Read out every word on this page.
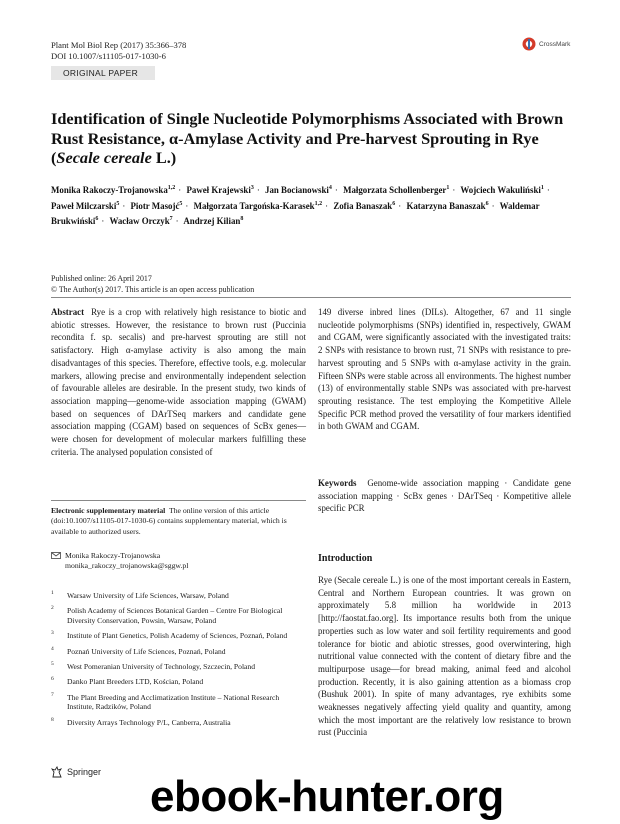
Plant Mol Biol Rep (2017) 35:366–378
DOI 10.1007/s11105-017-1030-6
CrossMark
ORIGINAL PAPER
Identification of Single Nucleotide Polymorphisms Associated with Brown Rust Resistance, α-Amylase Activity and Pre-harvest Sprouting in Rye (Secale cereale L.)
Monika Rakoczy-Trojanowska$^{1,2}$ · Paweł Krajewski$^3$ · Jan Bocianowski$^4$ · Małgorzata Schollenberger$^1$ · Wojciech Wakuliński$^1$ · Paweł Milczarski$^5$ · Piotr Masojć$^5$ · Małgorzata Targońska-Karasek$^{1,2}$ · Zofia Banaszak$^6$ · Katarzyna Banaszak$^6$ · Waldemar Brukwiński$^6$ · Wacław Orczyk$^7$ · Andrzej Kilian$^8$
Published online: 26 April 2017
© The Author(s) 2017. This article is an open access publication
Abstract Rye is a crop with relatively high resistance to biotic and abiotic stresses. However, the resistance to brown rust (Puccinia recondita f. sp. secalis) and pre-harvest sprouting are still not satisfactory. High α-amylase activity is also among the main disadvantages of this species. Therefore, effective tools, e.g. molecular markers, allowing precise and environmentally independent selection of favourable alleles are desirable. In the present study, two kinds of association mapping—genome-wide association mapping (GWAM) based on sequences of DArTSeq markers and candidate gene association mapping (CGAM) based on sequences of ScBx genes—were chosen for development of molecular markers fulfilling these criteria. The analysed population consisted of
149 diverse inbred lines (DILs). Altogether, 67 and 11 single nucleotide polymorphisms (SNPs) identified in, respectively, GWAM and CGAM, were significantly associated with the investigated traits: 2 SNPs with resistance to brown rust, 71 SNPs with resistance to pre-harvest sprouting and 5 SNPs with α-amylase activity in the grain. Fifteen SNPs were stable across all environments. The highest number (13) of environmentally stable SNPs was associated with pre-harvest sprouting resistance. The test employing the Kompetitive Allele Specific PCR method proved the versatility of four markers identified in both GWAM and CGAM.
Keywords Genome-wide association mapping · Candidate gene association mapping · ScBx genes · DArTSeq · Kompetitive allele specific PCR
Electronic supplementary material The online version of this article (doi:10.1007/s11105-017-1030-6) contains supplementary material, which is available to authorized users.
Monika Rakoczy-Trojanowska
monika_rakoczy_trojanowska@sggw.pl
1 Warsaw University of Life Sciences, Warsaw, Poland
2 Polish Academy of Sciences Botanical Garden – Centre For Biological Diversity Conservation, Powsin, Warsaw, Poland
3 Institute of Plant Genetics, Polish Academy of Sciences, Poznań, Poland
4 Poznań University of Life Sciences, Poznań, Poland
5 West Pomeranian University of Technology, Szczecin, Poland
6 Danko Plant Breeders LTD, Kościan, Poland
7 The Plant Breeding and Acclimatization Institute – National Research Institute, Radzików, Poland
8 Diversity Arrays Technology P/L, Canberra, Australia
Introduction
Rye (Secale cereale L.) is one of the most important cereals in Eastern, Central and Northern European countries. It was grown on approximately 5.8 million ha worldwide in 2013 [http://faostat.fao.org]. Its importance results both from the unique properties such as low water and soil fertility requirements and good tolerance for biotic and abiotic stresses, good overwintering, high nutritional value connected with the content of dietary fibre and the multipurpose usage—for bread making, animal feed and alcohol production. Recently, it is also gaining attention as a biomass crop (Bushuk 2001). In spite of many advantages, rye exhibits some weaknesses negatively affecting yield quality and quantity, among which the most important are the relatively low resistance to brown rust (Puccinia
Springer ebook-hunter.org
